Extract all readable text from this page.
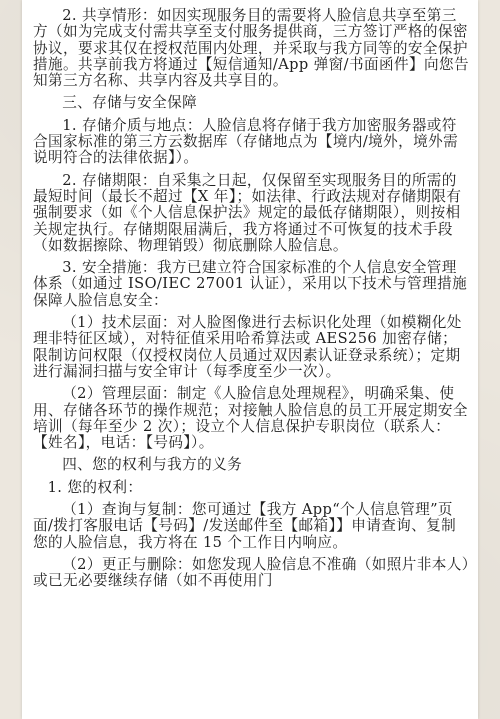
2. 共享情形：如因实现服务目的需要将人脸信息共享至第三方（如为完成支付需共享至支付服务提供商，三方签订严格的保密协议，要求其仅在授权范围内处理，并采取与我方同等的安全保护措施。共享前我方将通过【短信通知/App 弹窗/书面函件】向您告知第三方名称、共享内容及共享目的。

三、存储与安全保障

1. 存储介质与地点：人脸信息将存储于我方加密服务器或符合国家标准的第三方云数据库（存储地点为【境内/境外，境外需说明符合的法律依据】）。

2. 存储期限：自采集之日起，仅保留至实现服务目的所需的最短时间（最长不超过【X 年】；如法律、行政法规对存储期限有强制要求（如《个人信息保护法》规定的最低存储期限），则按相关规定执行。存储期限届满后，我方将通过不可恢复的技术手段（如数据擦除、物理销毁）彻底删除人脸信息。

3. 安全措施：我方已建立符合国家标准的个人信息安全管理体系（如通过 ISO/IEC 27001 认证），采用以下技术与管理措施保障人脸信息安全：

（1）技术层面：对人脸图像进行去标识化处理（如模糊化处理非特征区域），对特征值采用哈希算法或 AES256 加密存储；限制访问权限（仅授权岗位人员通过双因素认证登录系统）；定期进行漏洞扫描与安全审计（每季度至少一次）。

（2）管理层面：制定《人脸信息处理规程》，明确采集、使用、存储各环节的操作规范；对接触人脸信息的员工开展定期安全培训（每年至少 2 次）；设立个人信息保护专职岗位（联系人：【姓名】，电话：【号码】）。

四、您的权利与我方的义务

1. 您的权利：

（1）查询与复制：您可通过【我方 App“个人信息管理”页面/拨打客服电话【号码】/发送邮件至【邮箱】】申请查询、复制您的人脸信息，我方将在 15 个工作日内响应。

（2）更正与删除：如您发现人脸信息不准确（如照片非本人）或已无必要继续存储（如不再使用门
